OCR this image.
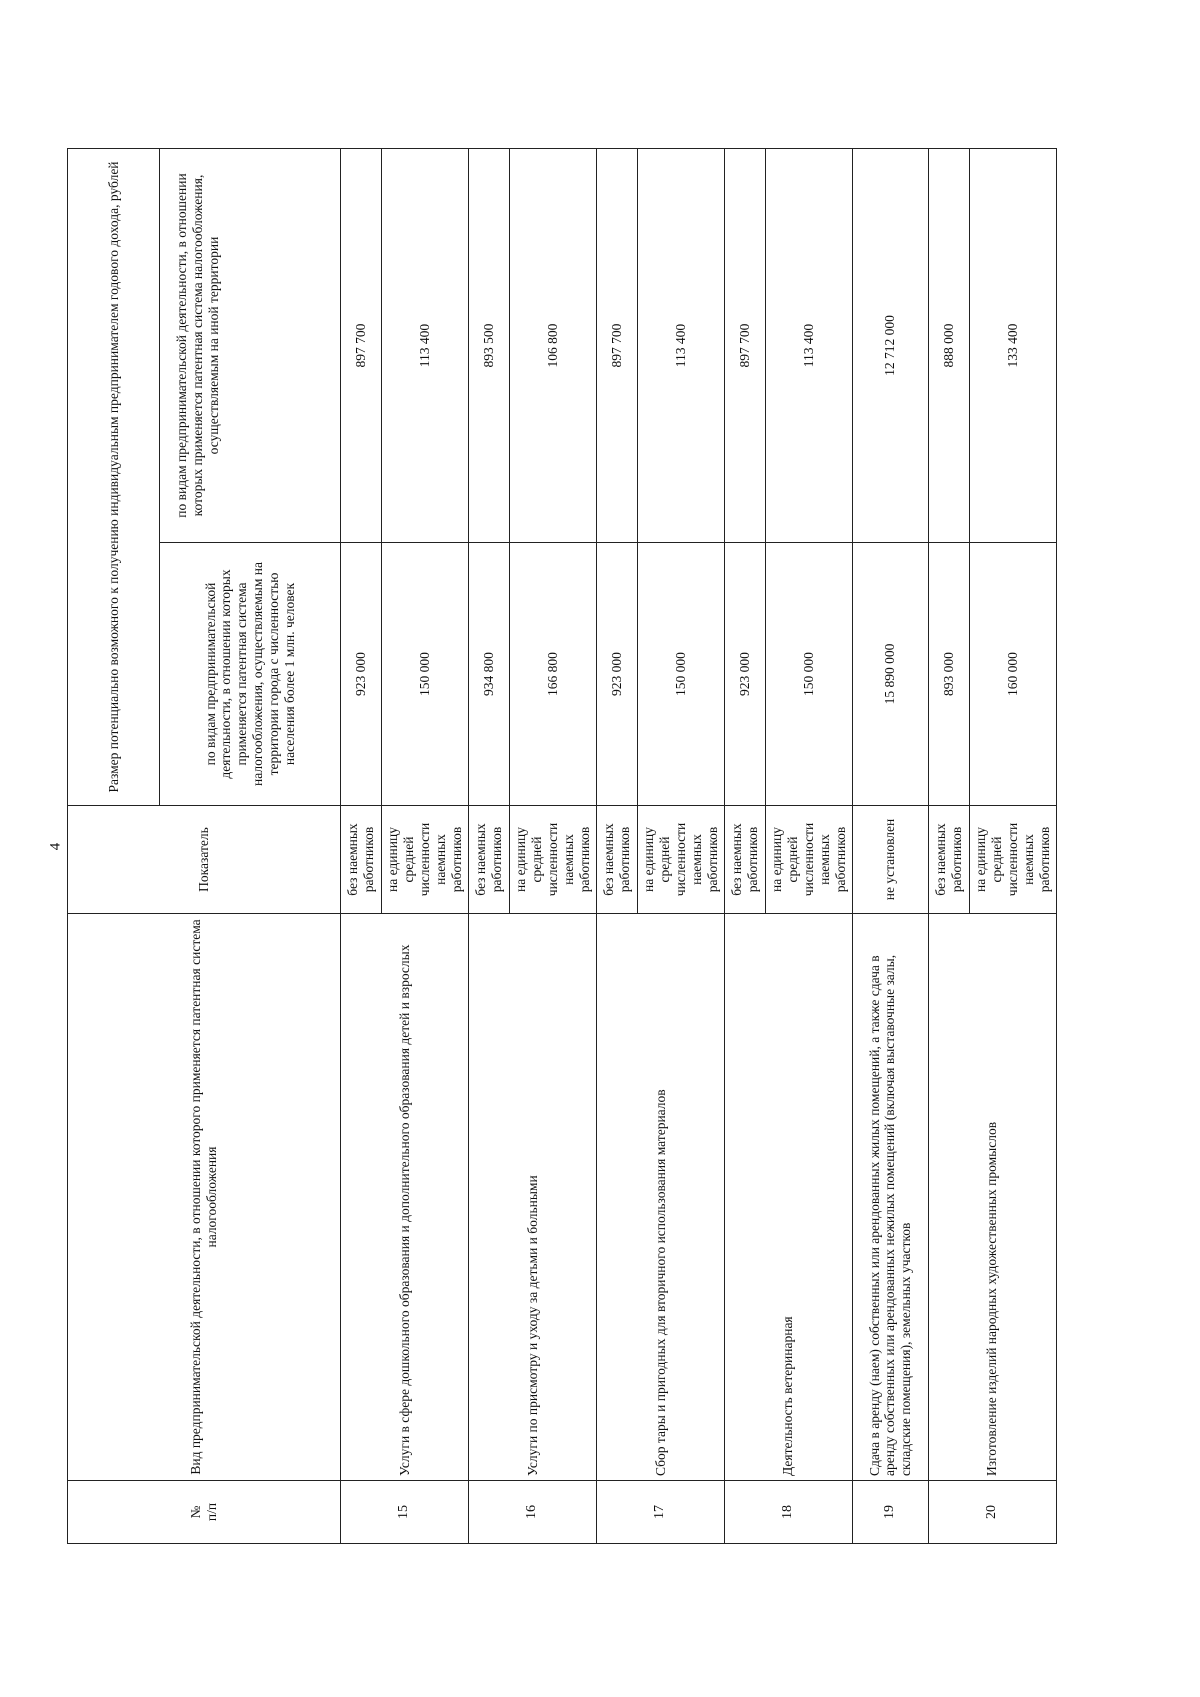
4
№
п/п	Вид предпринимательской деятельности, в отношении которого применяется патентная система налогообложения	Показатель	Размер потенциально возможного к получению индивидуальным предпринимателем годового дохода, рублей	
			по видам предпринимательской деятельности, в отношении которых применяется патентная система налогообложения, осуществляемым на территории города с численностью населения более 1 млн. человек	по видам предпринимательской деятельности, в отношении которых применяется патентная система налогообложения, осуществляемым на иной территории
15	Услуги в сфере дошкольного образования и дополнительного образования детей и взрослых	без наемных работников	923 000	897 700
		на единицу средней численности наемных работников	150 000	113 400
16	Услуги по присмотру и уходу за детьми и больными	без наемных работников	934 800	893 500
		на единицу средней численности наемных работников	166 800	106 800
17	Сбор тары и пригодных для вторичного использования материалов	без наемных работников	923 000	897 700
		на единицу средней численности наемных работников	150 000	113 400
18	Деятельность ветеринарная	без наемных работников	923 000	897 700
		на единицу средней численности наемных работников	150 000	113 400
19	Сдача в аренду (наем) собственных или арендованных жилых помещений, а также сдача в аренду собственных или арендованных нежилых помещений (включая выставочные залы, складские помещения), земельных участков	не установлен	15 890 000	12 712 000
20	Изготовление изделий народных художественных промыслов	без наемных работников	893 000	888 000
		на единицу средней численности наемных работников	160 000	133 400
